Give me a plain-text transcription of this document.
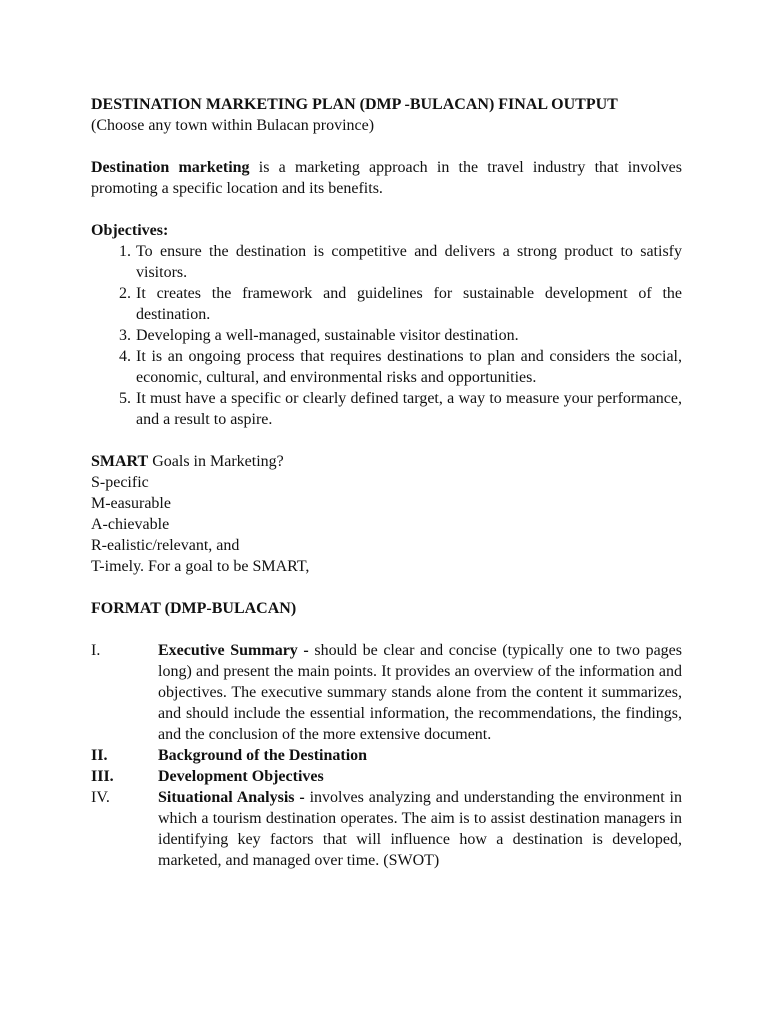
DESTINATION MARKETING PLAN (DMP -BULACAN) FINAL OUTPUT
(Choose any town within Bulacan province)
Destination marketing is a marketing approach in the travel industry that involves promoting a specific location and its benefits.
Objectives:
1. To ensure the destination is competitive and delivers a strong product to satisfy visitors.
2. It creates the framework and guidelines for sustainable development of the destination.
3. Developing a well-managed, sustainable visitor destination.
4. It is an ongoing process that requires destinations to plan and considers the social, economic, cultural, and environmental risks and opportunities.
5. It must have a specific or clearly defined target, a way to measure your performance, and a result to aspire.
SMART Goals in Marketing?
S-pecific
M-easurable
A-chievable
R-ealistic/relevant, and
T-imely. For a goal to be SMART,
FORMAT (DMP-BULACAN)
I.	Executive Summary - should be clear and concise (typically one to two pages long) and present the main points. It provides an overview of the information and objectives. The executive summary stands alone from the content it summarizes, and should include the essential information, the recommendations, the findings, and the conclusion of the more extensive document.
II.	Background of the Destination
III.	Development Objectives
IV.	Situational Analysis - involves analyzing and understanding the environment in which a tourism destination operates. The aim is to assist destination managers in identifying key factors that will influence how a destination is developed, marketed, and managed over time. (SWOT)
